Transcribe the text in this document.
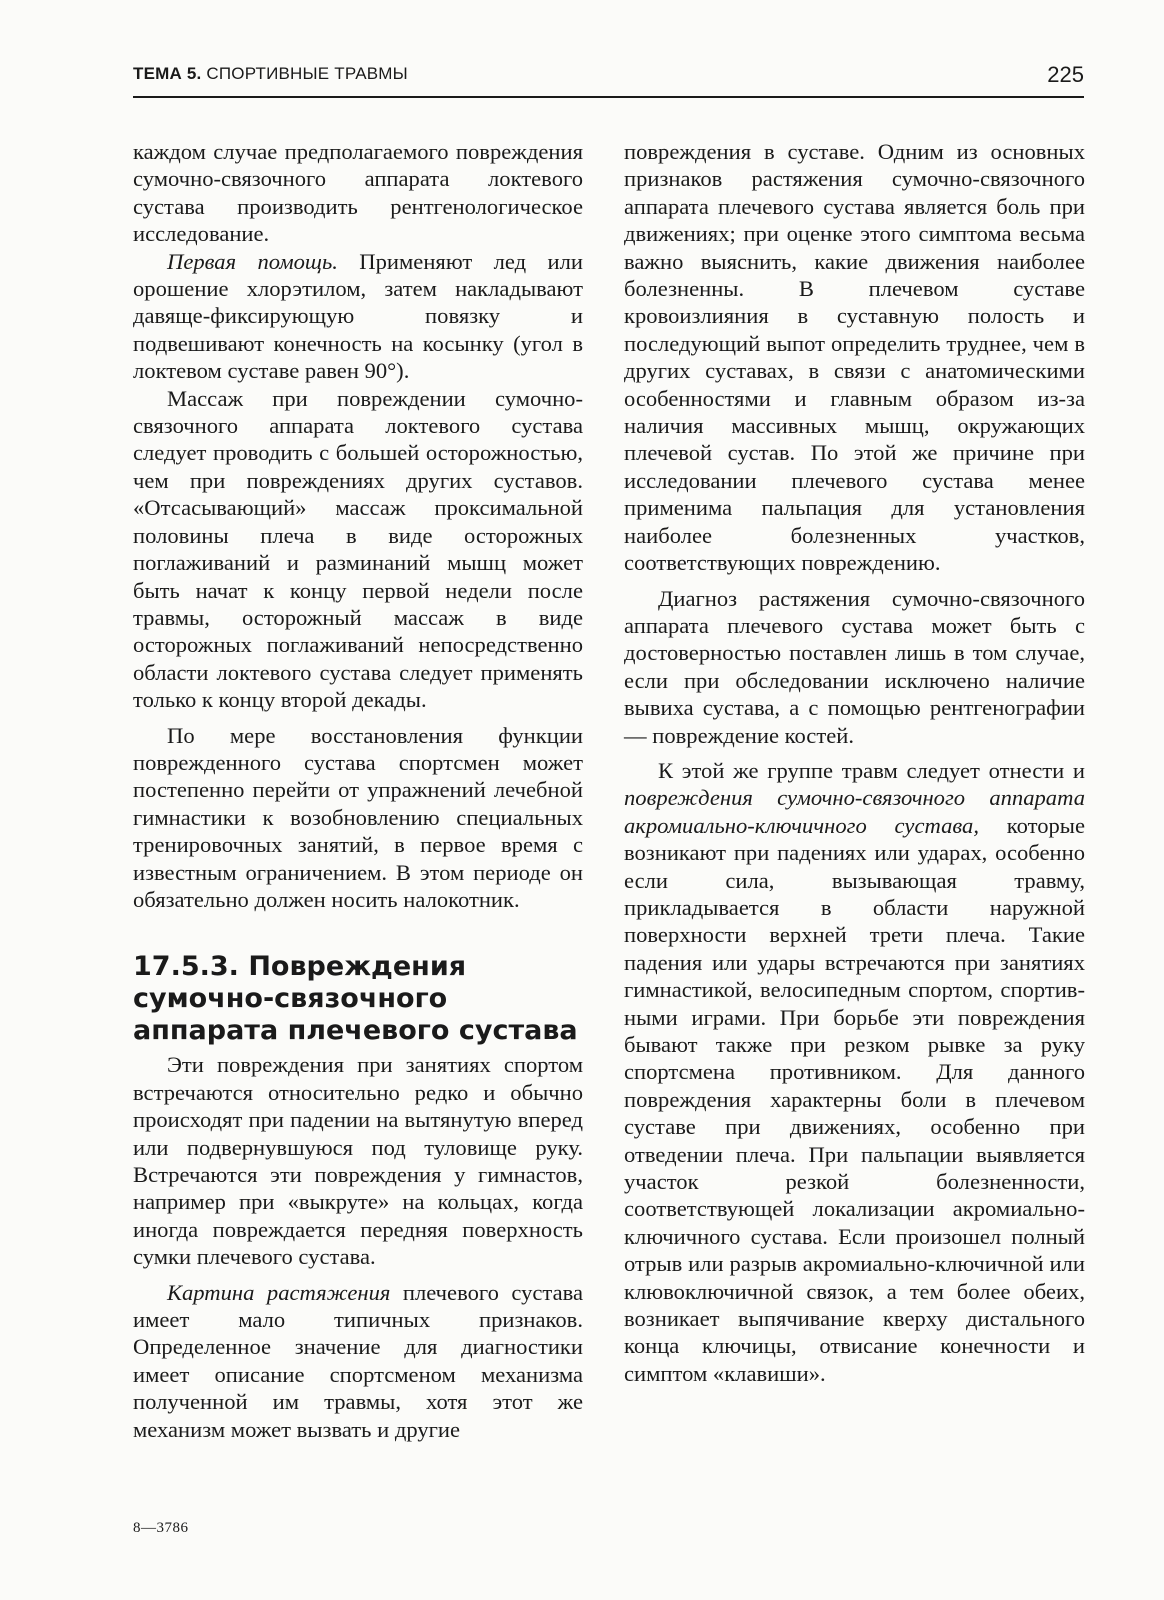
ТЕМА 5. СПОРТИВНЫЕ ТРАВМЫ	225

каждом случае предполагаемого повреждения сумочно-связочного аппарата локтевого сустава производить рентгенологическое исследование.

Первая помощь. Применяют лед или орошение хлорэтилом, затем накладывают давяще-фиксирующую повязку и подвешивают конечность на косынку (угол в локтевом суставе равен 90°).

Массаж при повреждении сумочно-связочного аппарата локтевого сустава следует проводить с большей осторожностью, чем при повреждениях других суставов. «Отсасывающий» массаж проксимальной половины плеча в виде осторожных поглаживаний и разминаний мышц может быть начат к концу первой недели после травмы, осторожный массаж в виде осторожных поглаживаний непосредственно области локтевого сустава следует применять только к концу второй декады.

По мере восстановления функции поврежденного сустава спортсмен может постепенно перейти от упражнений лечебной гимнастики к возобновлению специальных тренировочных занятий, в первое время с известным ограничением. В этом периоде он обязательно должен носить налокотник.

17.5.3. Повреждения сумочно-связочного аппарата плечевого сустава

Эти повреждения при занятиях спортом встречаются относительно редко и обычно происходят при падении на вытянутую вперед или подвернувшуюся под туловище руку. Встречаются эти повреждения у гимнастов, например при «выкруте» на кольцах, когда иногда повреждается передняя поверхность сумки плечевого сустава.

Картина растяжения плечевого сустава имеет мало типичных признаков. Определенное значение для диагностики имеет описание спортсменом механизма полученной им травмы, хотя этот же механизм может вызвать и другие

повреждения в суставе. Одним из основных признаков растяжения сумочно-связочного аппарата плечевого сустава является боль при движениях; при оценке этого симптома весьма важно выяснить, какие движения наиболее болезненны. В плечевом суставе кровоизлияния в суставную полость и последующий выпот определить труднее, чем в других суставах, в связи с анатомическими особенностями и главным образом из-за наличия массивных мышц, окружающих плечевой сустав. По этой же причине при исследовании плечевого сустава менее применима пальпация для установления наиболее болезненных участков, соответствующих повреждению.

Диагноз растяжения сумочно-связочного аппарата плечевого сустава может быть с достоверностью поставлен лишь в том случае, если при обследовании исключено наличие вывиха сустава, а с помощью рентгенографии — повреждение костей.

К этой же группе травм следует отнести и повреждения сумочно-связочного аппарата акромиально-ключичного сустава, которые возникают при падениях или ударах, особенно если сила, вызывающая травму, прикладывается в области наружной поверхности верхней трети плеча. Такие падения или удары встречаются при занятиях гимнастикой, велосипедным спортом, спортивными играми. При борьбе эти повреждения бывают также при резком рывке за руку спортсмена противником. Для данного повреждения характерны боли в плечевом суставе при движениях, особенно при отведении плеча. При пальпации выявляется участок резкой болезненности, соответствующей локализации акромиально-ключичного сустава. Если произошел полный отрыв или разрыв акромиально-ключичной или клювоключичной связок, а тем более обеих, возникает выпячивание кверху дистального конца ключицы, отвисание конечности и симптом «клавиши».

8—3786
